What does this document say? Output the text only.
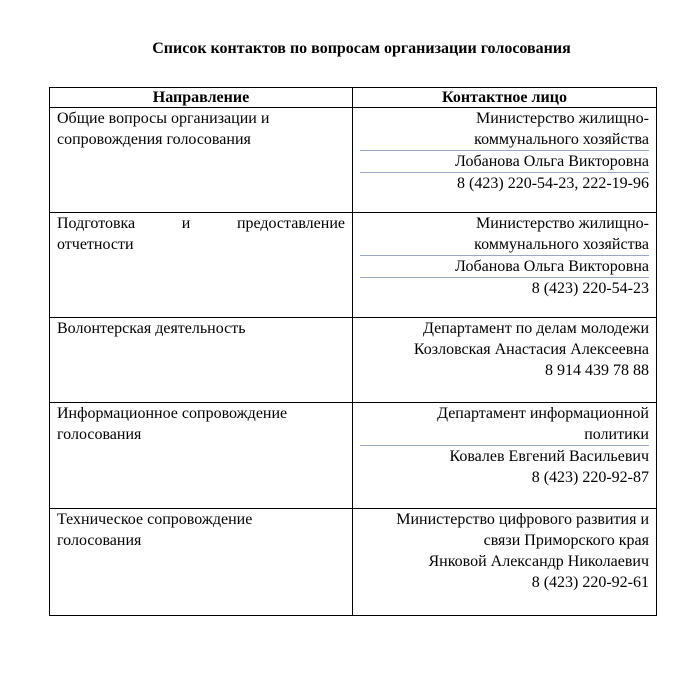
Список контактов по вопросам организации голосования
Направление	Контактное лицо

Общие вопросы организации и
сопровождения голосования	Министерство жилищно-
коммунального хозяйства
Лобанова Ольга Викторовна
8 (423) 220-54-23, 222-19-96

Подготовка и предоставление
отчетности	Министерство жилищно-
коммунального хозяйства
Лобанова Ольга Викторовна
8 (423) 220-54-23

Волонтерская деятельность	Департамент по делам молодежи
Козловская Анастасия Алексеевна
8 914 439 78 88

Информационное сопровождение
голосования	Департамент информационной
политики
Ковалев Евгений Васильевич
8 (423) 220-92-87

Техническое сопровождение
голосования	Министерство цифрового развития и
связи Приморского края
Янковой Александр Николаевич
8 (423) 220-92-61
